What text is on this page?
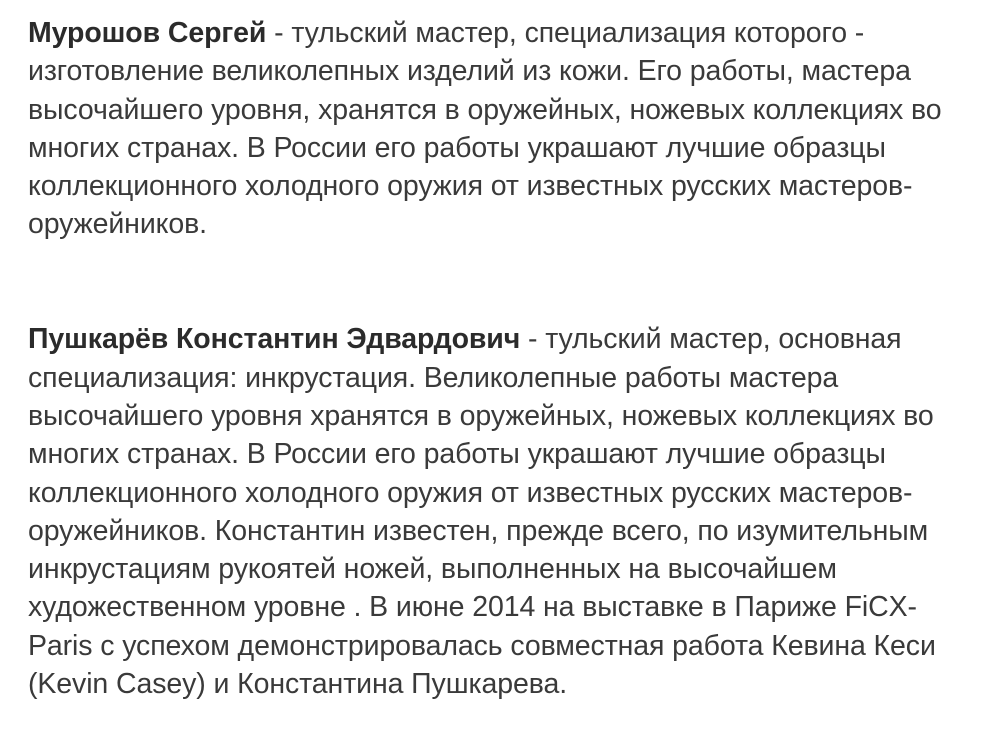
Мурошов Сергей - тульский мастер, специализация которого - изготовление великолепных изделий из кожи. Его работы, мастера высочайшего уровня, хранятся в оружейных, ножевых коллекциях во многих странах. В России его работы украшают лучшие образцы коллекционного холодного оружия от известных русских мастеров-оружейников.

Пушкарёв Константин Эдвардович - тульский мастер, основная специализация: инкрустация. Великолепные работы мастера высочайшего уровня хранятся в оружейных, ножевых коллекциях во многих странах. В России его работы украшают лучшие образцы коллекционного холодного оружия от известных русских мастеров-оружейников. Константин известен, прежде всего, по изумительным инкрустациям рукоятей ножей, выполненных на высочайшем художественном уровне . В июне 2014 на выставке в Париже FiCX-Paris с успехом демонстрировалась совместная работа Кевина Кеси (Kevin Casey) и Константина Пушкарева.
